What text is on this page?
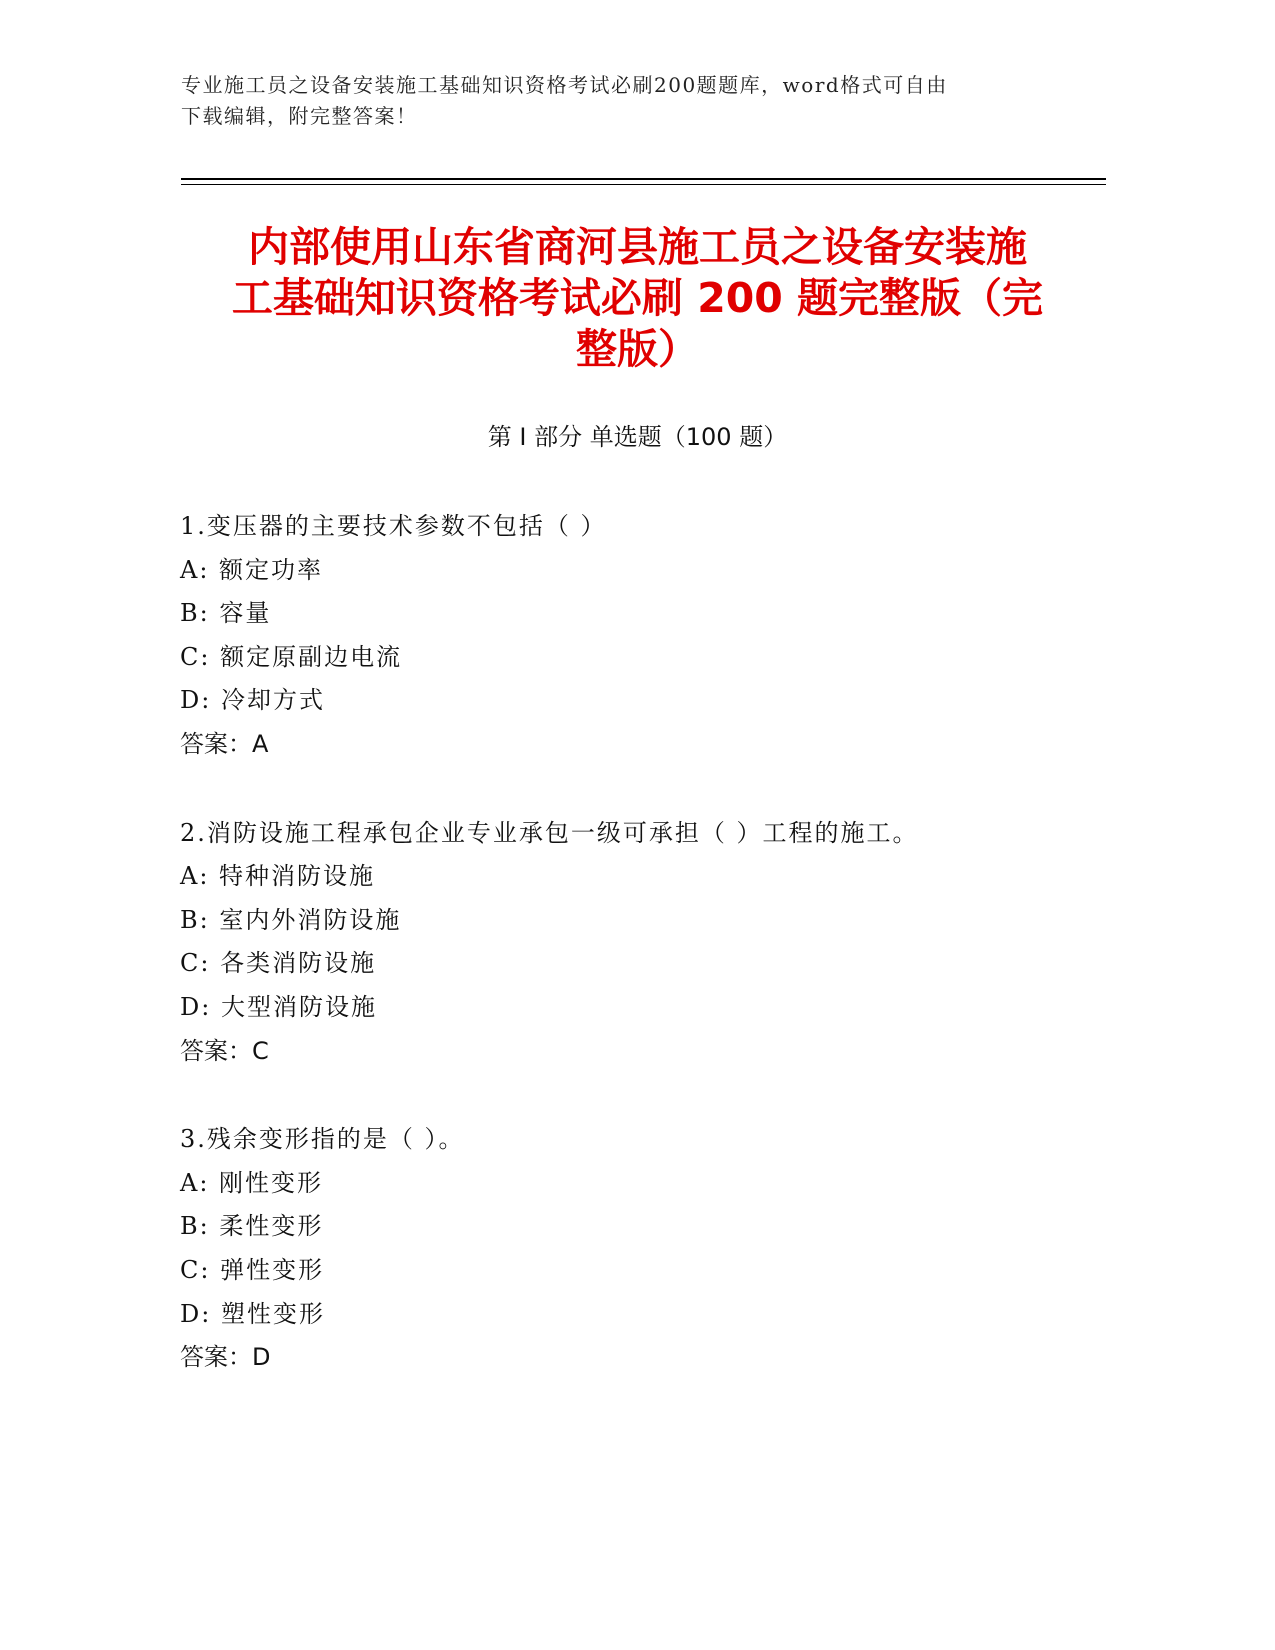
专业施工员之设备安装施工基础知识资格考试必刷200题题库，word格式可自由
下载编辑，附完整答案！
内部使用山东省商河县施工员之设备安装施
工基础知识资格考试必刷 200 题完整版（完
整版）
第 I 部分 单选题（100 题）
1.变压器的主要技术参数不包括（ ）
A: 额定功率
B: 容量
C: 额定原副边电流
D: 冷却方式
答案：A
2.消防设施工程承包企业专业承包一级可承担（ ）工程的施工。
A: 特种消防设施
B: 室内外消防设施
C: 各类消防设施
D: 大型消防设施
答案：C
3.残余变形指的是（ ）。
A: 刚性变形
B: 柔性变形
C: 弹性变形
D: 塑性变形
答案：D
